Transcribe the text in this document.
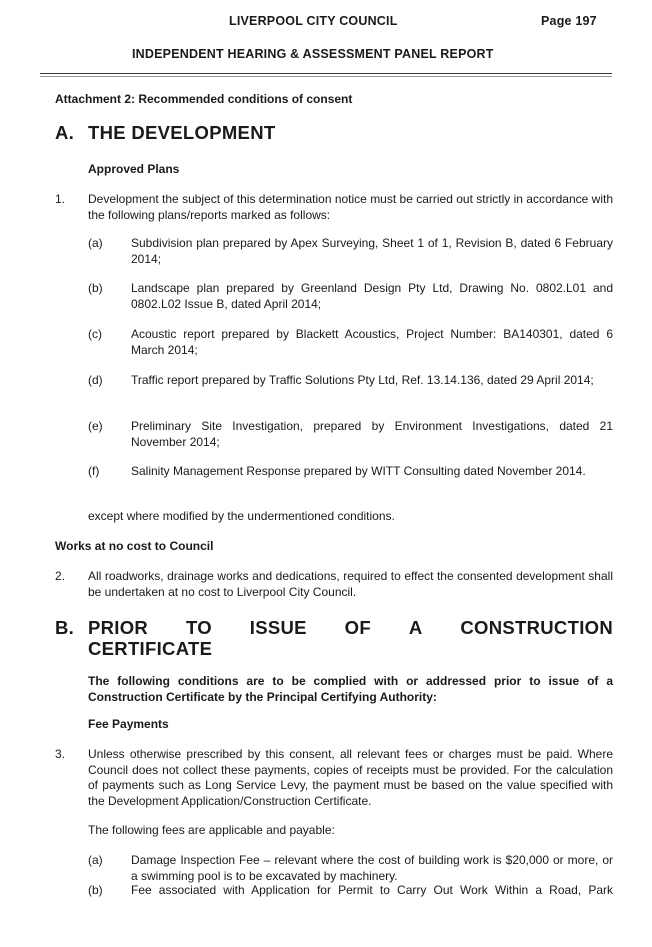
LIVERPOOL CITY COUNCIL	Page 197
INDEPENDENT HEARING & ASSESSMENT PANEL REPORT
Attachment 2: Recommended conditions of consent
A. THE DEVELOPMENT
Approved Plans
1. Development the subject of this determination notice must be carried out strictly in accordance with the following plans/reports marked as follows:
(a) Subdivision plan prepared by Apex Surveying, Sheet 1 of 1, Revision B, dated 6 February 2014;
(b) Landscape plan prepared by Greenland Design Pty Ltd, Drawing No. 0802.L01 and 0802.L02 Issue B, dated April 2014;
(c) Acoustic report prepared by Blackett Acoustics, Project Number: BA140301, dated 6 March 2014;
(d) Traffic report prepared by Traffic Solutions Pty Ltd, Ref. 13.14.136, dated 29 April 2014;
(e) Preliminary Site Investigation, prepared by Environment Investigations, dated 21 November 2014;
(f)	Salinity Management Response prepared by WITT Consulting dated November 2014.
except where modified by the undermentioned conditions.
Works at no cost to Council
2. All roadworks, drainage works and dedications, required to effect the consented development shall be undertaken at no cost to Liverpool City Council.
B. PRIOR TO ISSUE OF A CONSTRUCTION
CERTIFICATE
The following conditions are to be complied with or addressed prior to issue of a Construction Certificate by the Principal Certifying Authority:
Fee Payments
3. Unless otherwise prescribed by this consent, all relevant fees or charges must be paid. Where Council does not collect these payments, copies of receipts must be provided. For the calculation of payments such as Long Service Levy, the payment must be based on the value specified with the Development Application/Construction Certificate.
The following fees are applicable and payable:
(a) Damage Inspection Fee – relevant where the cost of building work is $20,000 or more, or a swimming pool is to be excavated by machinery.
(b) Fee associated with Application for Permit to Carry Out Work Within a Road, Park
